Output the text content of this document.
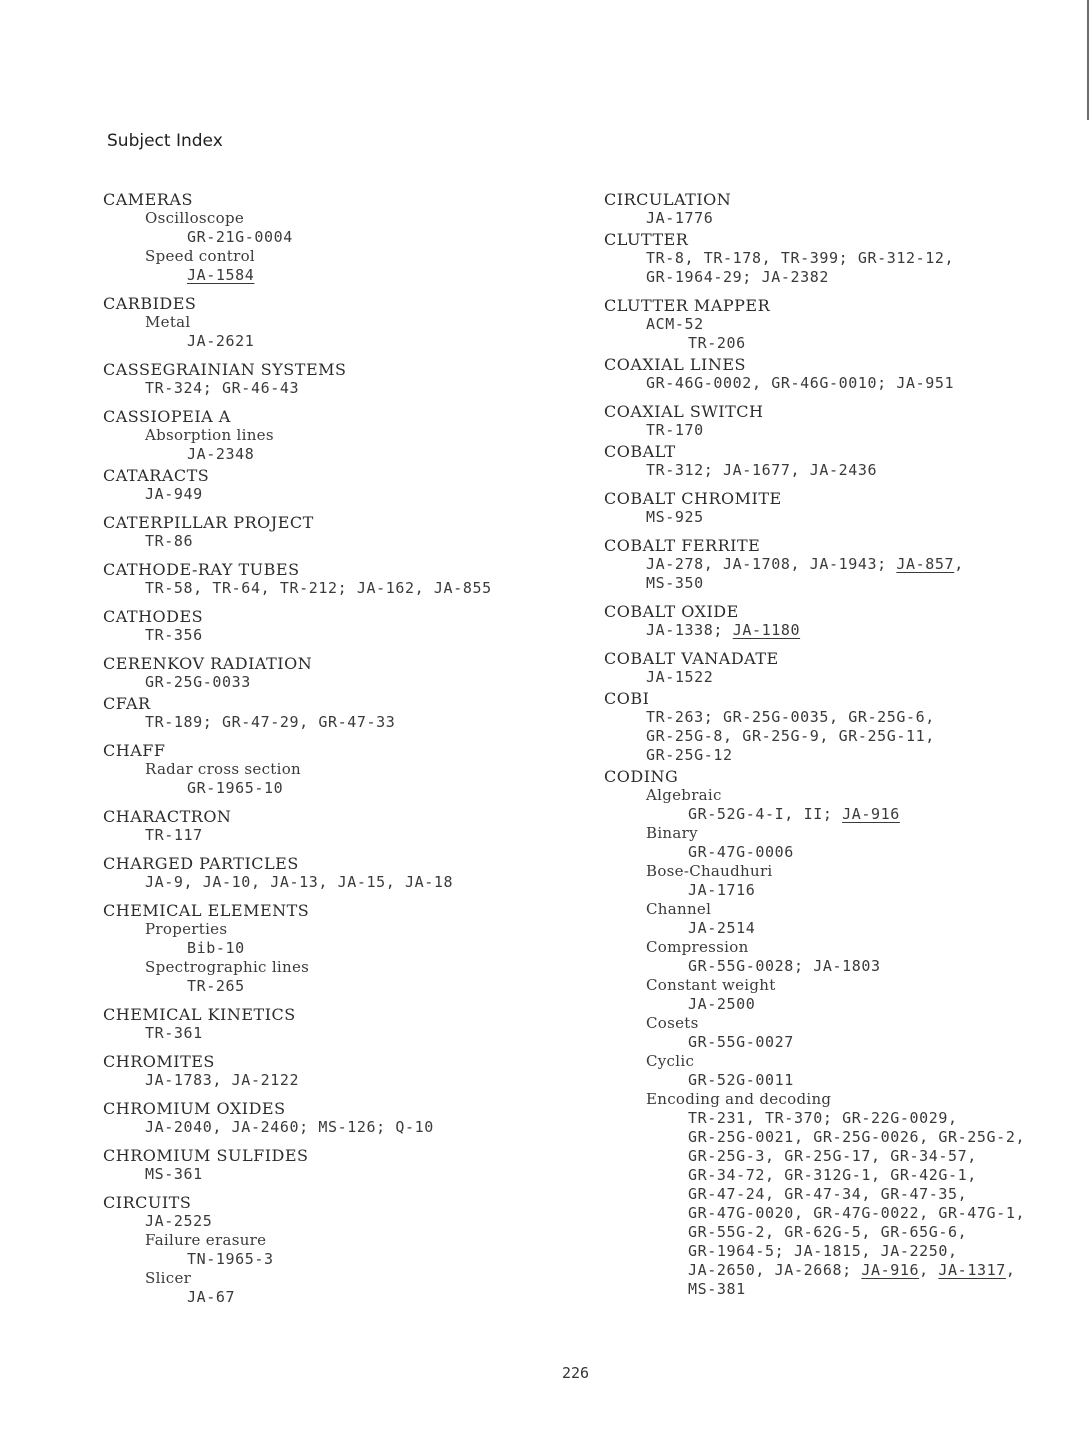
Subject Index
CAMERAS
Oscilloscope
GR-21G-0004
Speed control
JA-1584
CARBIDES
Metal
JA-2621
CASSEGRAINIAN SYSTEMS
TR-324; GR-46-43
CASSIOPEIA A
Absorption lines
JA-2348
CATARACTS
JA-949
CATERPILLAR PROJECT
TR-86
CATHODE-RAY TUBES
TR-58, TR-64, TR-212; JA-162, JA-855
CATHODES
TR-356
CERENKOV RADIATION
GR-25G-0033
CFAR
TR-189; GR-47-29, GR-47-33
CHAFF
Radar cross section
GR-1965-10
CHARACTRON
TR-117
CHARGED PARTICLES
JA-9, JA-10, JA-13, JA-15, JA-18
CHEMICAL ELEMENTS
Properties
Bib-10
Spectrographic lines
TR-265
CHEMICAL KINETICS
TR-361
CHROMITES
JA-1783, JA-2122
CHROMIUM OXIDES
JA-2040, JA-2460; MS-126; Q-10
CHROMIUM SULFIDES
MS-361
CIRCUITS
JA-2525
Failure erasure
TN-1965-3
Slicer
JA-67
CIRCULATION
JA-1776
CLUTTER
TR-8, TR-178, TR-399; GR-312-12,
GR-1964-29; JA-2382
CLUTTER MAPPER
ACM-52
TR-206
COAXIAL LINES
GR-46G-0002, GR-46G-0010; JA-951
COAXIAL SWITCH
TR-170
COBALT
TR-312; JA-1677, JA-2436
COBALT CHROMITE
MS-925
COBALT FERRITE
JA-278, JA-1708, JA-1943; JA-857,
MS-350
COBALT OXIDE
JA-1338; JA-1180
COBALT VANADATE
JA-1522
COBI
TR-263; GR-25G-0035, GR-25G-6,
GR-25G-8, GR-25G-9, GR-25G-11,
GR-25G-12
CODING
Algebraic
GR-52G-4-I, II; JA-916
Binary
GR-47G-0006
Bose-Chaudhuri
JA-1716
Channel
JA-2514
Compression
GR-55G-0028; JA-1803
Constant weight
JA-2500
Cosets
GR-55G-0027
Cyclic
GR-52G-0011
Encoding and decoding
TR-231, TR-370; GR-22G-0029,
GR-25G-0021, GR-25G-0026, GR-25G-2,
GR-25G-3, GR-25G-17, GR-34-57,
GR-34-72, GR-312G-1, GR-42G-1,
GR-47-24, GR-47-34, GR-47-35,
GR-47G-0020, GR-47G-0022, GR-47G-1,
GR-55G-2, GR-62G-5, GR-65G-6,
GR-1964-5; JA-1815, JA-2250,
JA-2650, JA-2668; JA-916, JA-1317,
MS-381
226
